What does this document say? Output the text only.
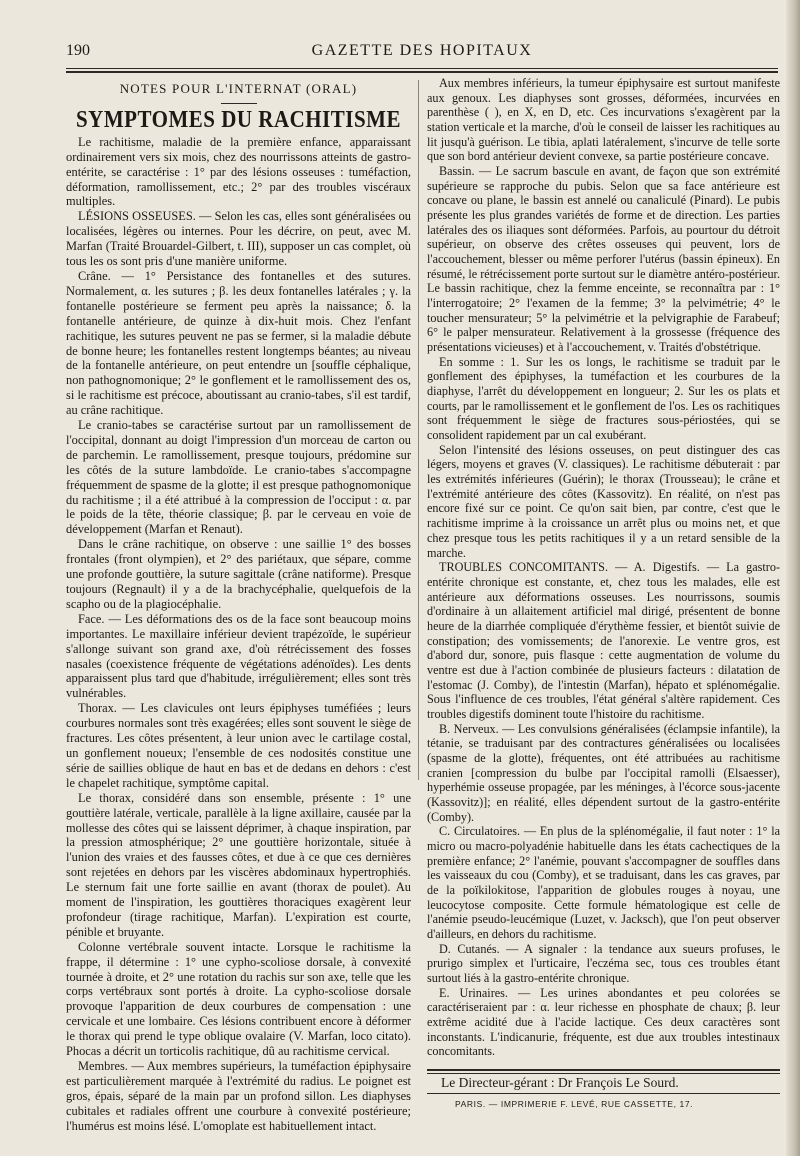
190	GAZETTE DES HOPITAUX
NOTES POUR L'INTERNAT (ORAL)
SYMPTOMES DU RACHITISME

Le rachitisme, maladie de la première enfance, apparaissant ordinairement vers six mois, chez des nourrissons atteints de gastro-entérite, se caractérise : 1° par des lésions osseuses : tuméfaction, déformation, ramollissement, etc.; 2° par des troubles viscéraux multiples.

LÉSIONS OSSEUSES. — Selon les cas, elles sont généralisées ou localisées, légères ou internes. Pour les décrire, on peut, avec M. Marfan (Traité Brouardel-Gilbert, t. III), supposer un cas complet, où tous les os sont pris d'une manière uniforme.

Crâne. — 1° Persistance des fontanelles et des sutures. Normalement, α. les sutures ; β. les deux fontanelles latérales ; γ. la fontanelle postérieure se ferment peu après la naissance; δ. la fontanelle antérieure, de quinze à dix-huit mois. Chez l'enfant rachitique, les sutures peuvent ne pas se fermer, si la maladie débute de bonne heure; les fontanelles restent longtemps béantes; au niveau de la fontanelle antérieure, on peut entendre un [souffle céphalique, non pathognomonique; 2° le gonflement et le ramollissement des os, si le rachitisme est précoce, aboutissant au cranio-tabes, s'il est tardif, au crâne rachitique.

Le cranio-tabes se caractérise surtout par un ramollissement de l'occipital, donnant au doigt l'impression d'un morceau de carton ou de parchemin. Le ramollissement, presque toujours, prédomine sur les côtés de la suture lambdoïde. Le cranio-tabes s'accompagne fréquemment de spasme de la glotte; il est presque pathognomonique du rachitisme ; il a été attribué à la compression de l'occiput : α. par le poids de la tête, théorie classique; β. par le cerveau en voie de développement (Marfan et Renaut).

Dans le crâne rachitique, on observe : une saillie 1° des bosses frontales (front olympien), et 2° des pariétaux, que sépare, comme une profonde gouttière, la suture sagittale (crâne natiforme). Presque toujours (Regnault) il y a de la brachycéphalie, quelquefois de la scapho ou de la plagiocéphalie.

Face. — Les déformations des os de la face sont beaucoup moins importantes. Le maxillaire inférieur devient trapézoïde, le supérieur s'allonge suivant son grand axe, d'où rétrécissement des fosses nasales (coexistence fréquente de végétations adénoïdes). Les dents apparaissent plus tard que d'habitude, irrégulièrement; elles sont très vulnérables.

Thorax. — Les clavicules ont leurs épiphyses tuméfiées ; leurs courbures normales sont très exagérées; elles sont souvent le siège de fractures. Les côtes présentent, à leur union avec le cartilage costal, un gonflement noueux; l'ensemble de ces nodosités constitue une série de saillies oblique de haut en bas et de dedans en dehors : c'est le chapelet rachitique, symptôme capital.

Le thorax, considéré dans son ensemble, présente : 1° une gouttière latérale, verticale, parallèle à la ligne axillaire, causée par la mollesse des côtes qui se laissent déprimer, à chaque inspiration, par la pression atmosphérique; 2° une gouttière horizontale, située à l'union des vraies et des fausses côtes, et due à ce que ces dernières sont rejetées en dehors par les viscères abdominaux hypertrophiés. Le sternum fait une forte saillie en avant (thorax de poulet). Au moment de l'inspiration, les gouttières thoraciques exagèrent leur profondeur (tirage rachitique, Marfan). L'expiration est courte, pénible et bruyante.

Colonne vertébrale souvent intacte. Lorsque le rachitisme la frappe, il détermine : 1° une cypho-scoliose dorsale, à convexité tournée à droite, et 2° une rotation du rachis sur son axe, telle que les corps vertébraux sont portés à droite. La cypho-scoliose dorsale provoque l'apparition de deux courbures de compensation : une cervicale et une lombaire. Ces lésions contribuent encore à déformer le thorax qui prend le type oblique ovalaire (V. Marfan, loco citato). Phocas a décrit un torticolis rachitique, dû au rachitisme cervical.

Membres. — Aux membres supérieurs, la tuméfaction épiphysaire est particulièrement marquée à l'extrémité du radius. Le poignet est gros, épais, séparé de la main par un profond sillon. Les diaphyses cubitales et radiales offrent une courbure à convexité postérieure; l'humérus est moins lésé. L'omoplate est habituellement intact.

Aux membres inférieurs, la tumeur épiphysaire est surtout manifeste aux genoux. Les diaphyses sont grosses, déformées, incurvées en parenthèse ( ), en X, en D, etc. Ces incurvations s'exagèrent par la station verticale et la marche, d'où le conseil de laisser les rachitiques au lit jusqu'à guérison. Le tibia, aplati latéralement, s'incurve de telle sorte que son bord antérieur devient convexe, sa partie postérieure concave.

Bassin. — Le sacrum bascule en avant, de façon que son extrémité supérieure se rapproche du pubis. Selon que sa face antérieure est concave ou plane, le bassin est annelé ou canaliculé (Pinard). Le pubis présente les plus grandes variétés de forme et de direction. Les parties latérales des os iliaques sont déformées. Parfois, au pourtour du détroit supérieur, on observe des crêtes osseuses qui peuvent, lors de l'accouchement, blesser ou même perforer l'utérus (bassin épineux). En résumé, le rétrécissement porte surtout sur le diamètre antéro-postérieur. Le bassin rachitique, chez la femme enceinte, se reconnaîtra par : 1° l'interrogatoire; 2° l'examen de la femme; 3° la pelvimétrie; 4° le toucher mensurateur; 5° la pelvimétrie et la pelvigraphie de Farabeuf; 6° le palper mensurateur. Relativement à la grossesse (fréquence des présentations vicieuses) et à l'accouchement, v. Traités d'obstétrique.

En somme : 1. Sur les os longs, le rachitisme se traduit par le gonflement des épiphyses, la tuméfaction et les courbures de la diaphyse, l'arrêt du développement en longueur; 2. Sur les os plats et courts, par le ramollissement et le gonflement de l'os. Les os rachitiques sont fréquemment le siège de fractures sous-périostées, qui se consolident rapidement par un cal exubérant.

Selon l'intensité des lésions osseuses, on peut distinguer des cas légers, moyens et graves (V. classiques). Le rachitisme débuterait : par les extrémités inférieures (Guérin); le thorax (Trousseau); le crâne et l'extrémité antérieure des côtes (Kassovitz). En réalité, on n'est pas encore fixé sur ce point. Ce qu'on sait bien, par contre, c'est que le rachitisme imprime à la croissance un arrêt plus ou moins net, et que chez presque tous les petits rachitiques il y a un retard sensible de la marche.

TROUBLES CONCOMITANTS. — A. Digestifs. — La gastro-entérite chronique est constante, et, chez tous les malades, elle est antérieure aux déformations osseuses. Les nourrissons, soumis d'ordinaire à un allaitement artificiel mal dirigé, présentent de bonne heure de la diarrhée compliquée d'érythème fessier, et bientôt suivie de constipation; des vomissements; de l'anorexie. Le ventre gros, est d'abord dur, sonore, puis flasque : cette augmentation de volume du ventre est due à l'action combinée de plusieurs facteurs : dilatation de l'estomac (J. Comby), de l'intestin (Marfan), hépato et splénomégalie. Sous l'influence de ces troubles, l'état général s'altère rapidement. Ces troubles digestifs dominent toute l'histoire du rachitisme.

B. Nerveux. — Les convulsions généralisées (éclampsie infantile), la tétanie, se traduisant par des contractures généralisées ou localisées (spasme de la glotte), fréquentes, ont été attribuées au rachitisme cranien [compression du bulbe par l'occipital ramolli (Elsaesser), hyperhémie osseuse propagée, par les méninges, à l'écorce sous-jacente (Kassovitz)]; en réalité, elles dépendent surtout de la gastro-entérite (Comby).

C. Circulatoires. — En plus de la splénomégalie, il faut noter : 1° la micro ou macro-polyadénie habituelle dans les états cachectiques de la première enfance; 2° l'anémie, pouvant s'accompagner de souffles dans les vaisseaux du cou (Comby), et se traduisant, dans les cas graves, par de la poïkilokitose, l'apparition de globules rouges à noyau, une leucocytose composite. Cette formule hématologique est celle de l'anémie pseudo-leucémique (Luzet, v. Jacksch), que l'on peut observer d'ailleurs, en dehors du rachitisme.

D. Cutanés. — A signaler : la tendance aux sueurs profuses, le prurigo simplex et l'urticaire, l'eczéma sec, tous ces troubles étant surtout liés à la gastro-entérite chronique.

E. Urinaires. — Les urines abondantes et peu colorées se caractériseraient par : α. leur richesse en phosphate de chaux; β. leur extrême acidité due à l'acide lactique. Ces deux caractères sont inconstants. L'indicanurie, fréquente, est due aux troubles intestinaux concomitants.

Le Directeur-gérant : Dr François Le Sourd.

PARIS. — IMPRIMERIE F. LEVÉ, RUE CASSETTE, 17.
